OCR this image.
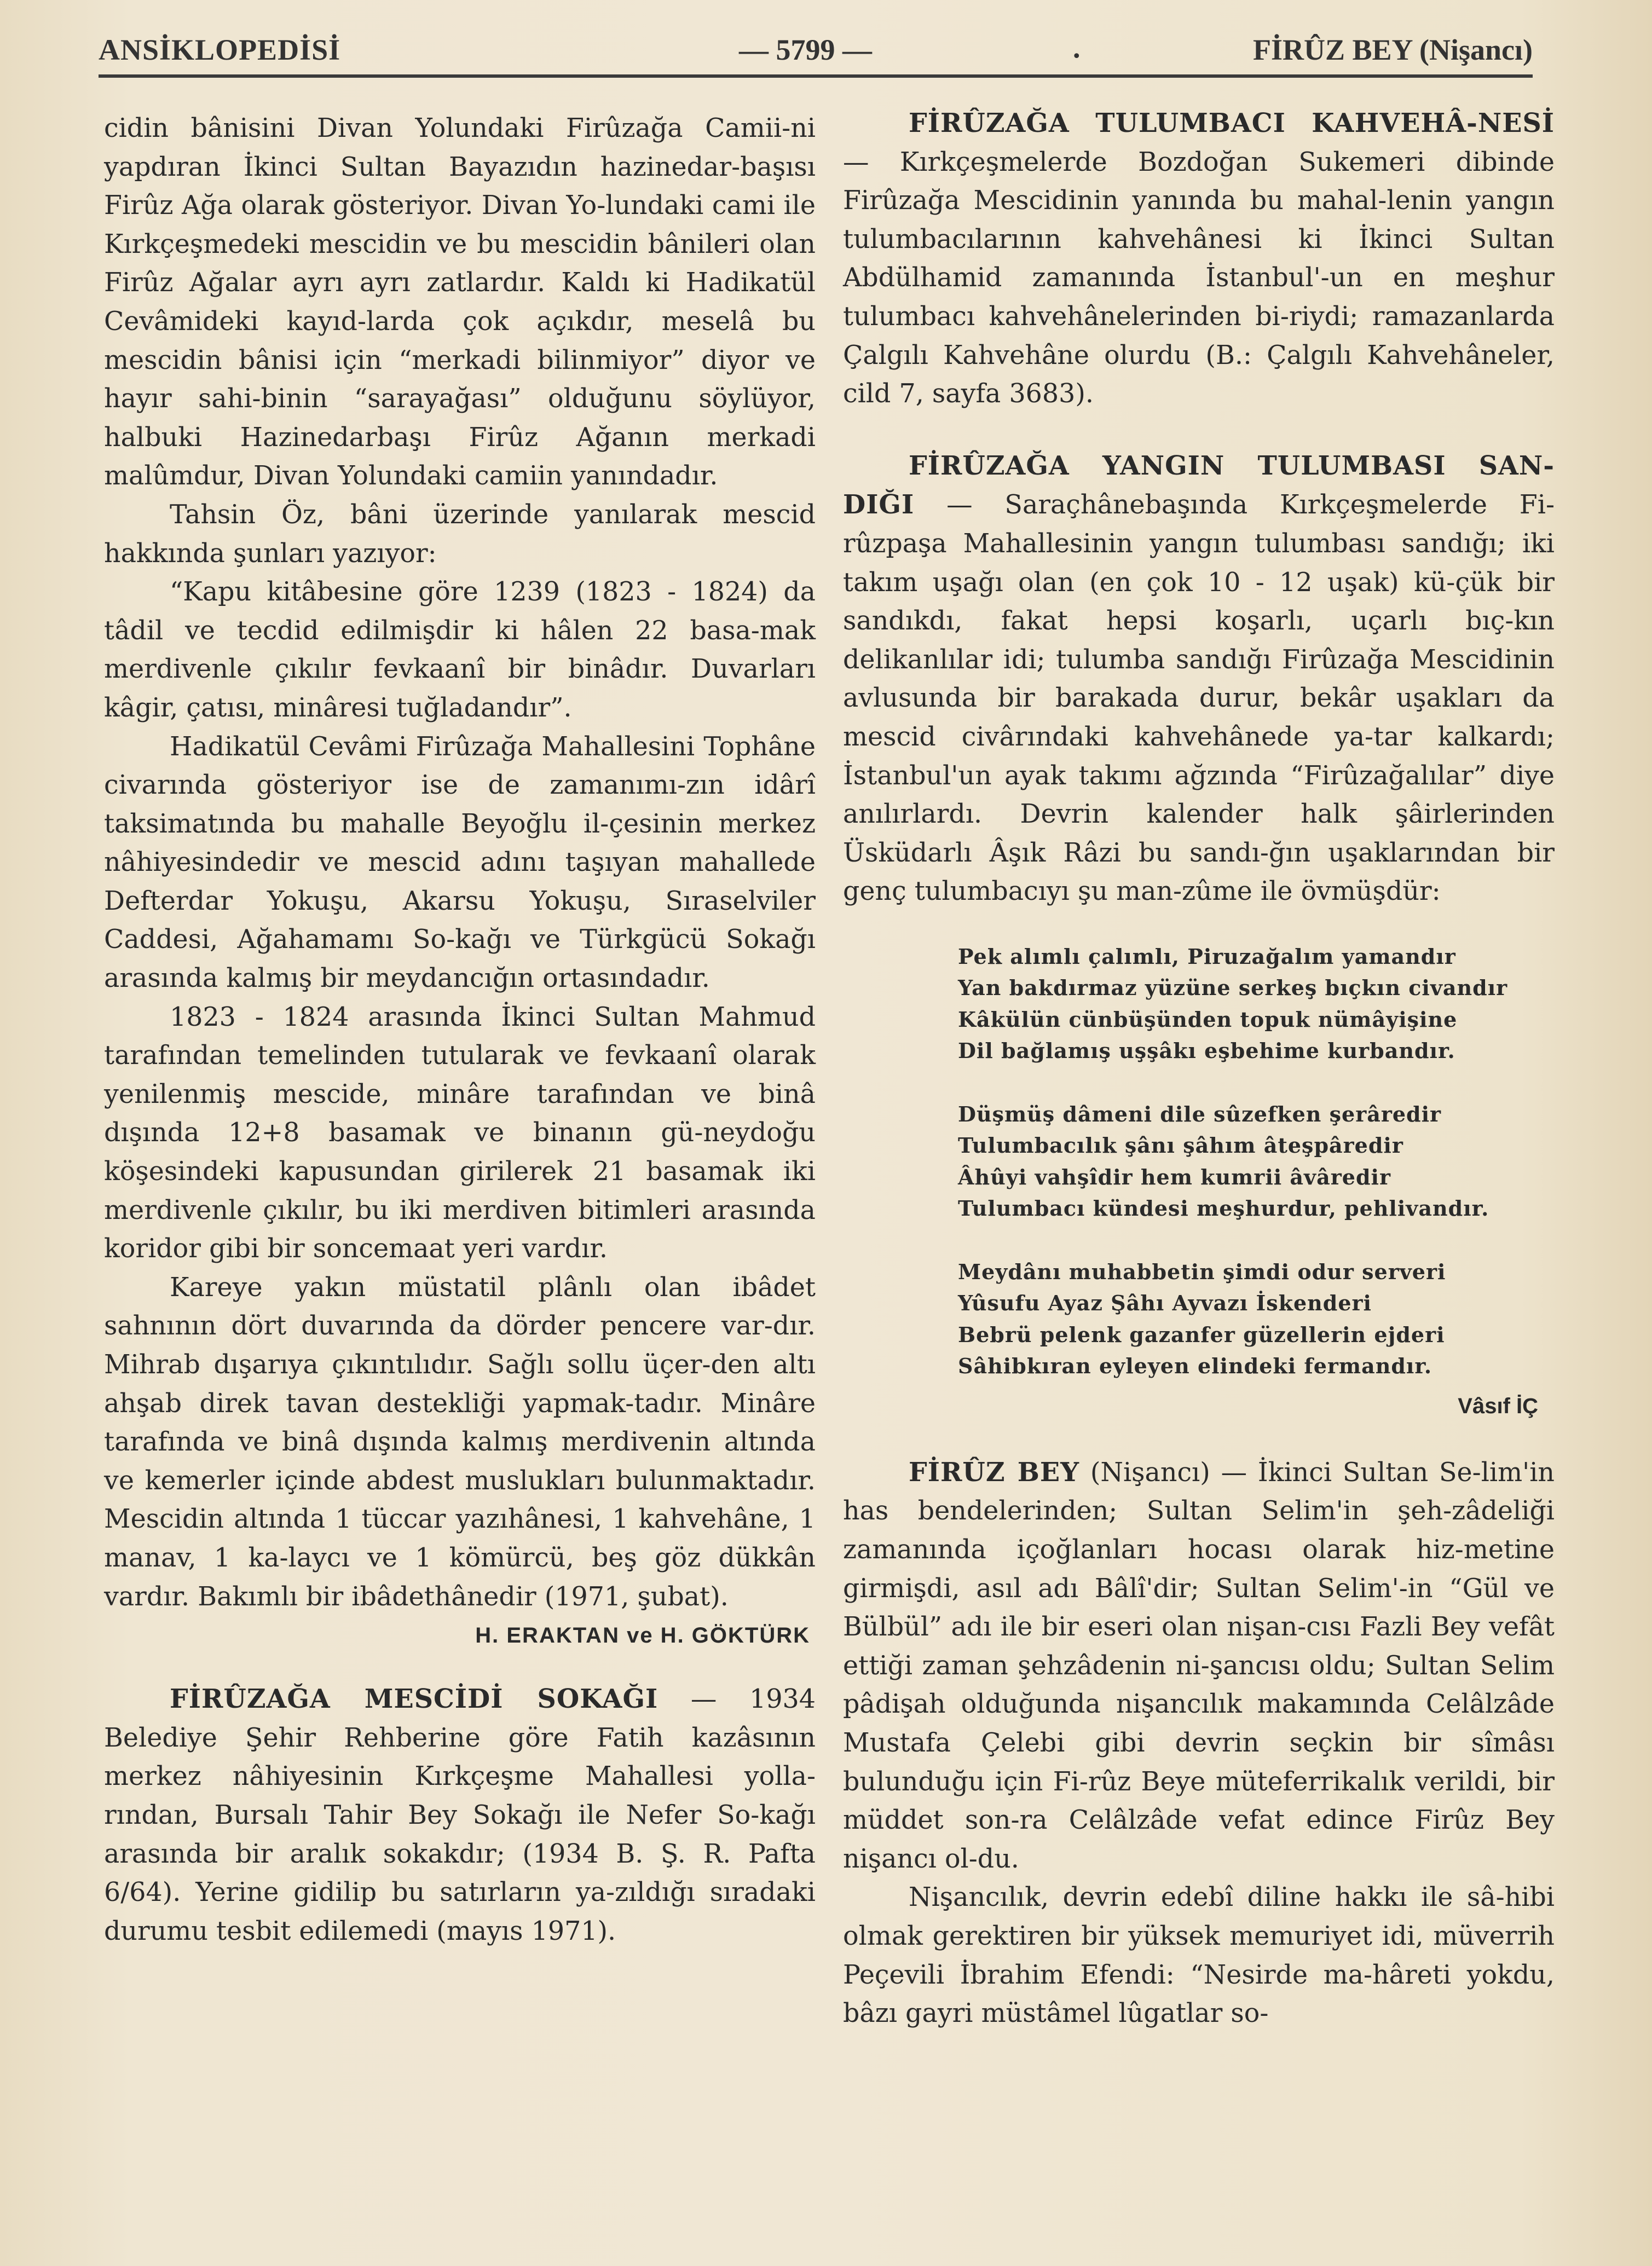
ANSİKLOPEDİSİ	— 5799 —	.	FİRÛZ BEY (Nişancı)

cidin bânisini Divan Yolundaki Firûzağa Camii-ni yapdıran İkinci Sultan Bayazıdın hazinedar-başısı Firûz Ağa olarak gösteriyor. Divan Yo-lundaki cami ile Kırkçeşmedeki mescidin ve bu mescidin bânileri olan Firûz Ağalar ayrı ayrı zatlardır. Kaldı ki Hadikatül Cevâmideki kayıd-larda çok açıkdır, meselâ bu mescidin bânisi için “merkadi bilinmiyor” diyor ve hayır sahi-binin “sarayağası” olduğunu söylüyor, halbuki Hazinedarbaşı Firûz Ağanın merkadi malûmdur, Divan Yolundaki camiin yanındadır.

Tahsin Öz, bâni üzerinde yanılarak mescid hakkında şunları yazıyor:

“Kapu kitâbesine göre 1239 (1823 - 1824) da tâdil ve tecdid edilmişdir ki hâlen 22 basa-mak merdivenle çıkılır fevkaanî bir binâdır. Duvarları kâgir, çatısı, minâresi tuğladandır”.

Hadikatül Cevâmi Firûzağa Mahallesini Tophâne civarında gösteriyor ise de zamanımı-zın idârî taksimatında bu mahalle Beyoğlu il-çesinin merkez nâhiyesindedir ve mescid adını taşıyan mahallede Defterdar Yokuşu, Akarsu Yokuşu, Sıraselviler Caddesi, Ağahamamı So-kağı ve Türkgücü Sokağı arasında kalmış bir meydancığın ortasındadır.

1823 - 1824 arasında İkinci Sultan Mahmud tarafından temelinden tutularak ve fevkaanî olarak yenilenmiş mescide, minâre tarafından ve binâ dışında 12+8 basamak ve binanın gü-neydoğu köşesindeki kapusundan girilerek 21 basamak iki merdivenle çıkılır, bu iki merdiven bitimleri arasında koridor gibi bir soncemaat yeri vardır.

Kareye yakın müstatil plânlı olan ibâdet sahnının dört duvarında da dörder pencere var-dır. Mihrab dışarıya çıkıntılıdır. Sağlı sollu üçer-den altı ahşab direk tavan destekliği yapmak-tadır. Minâre tarafında ve binâ dışında kalmış merdivenin altında ve kemerler içinde abdest muslukları bulunmaktadır. Mescidin altında 1 tüccar yazıhânesi, 1 kahvehâne, 1 manav, 1 ka-laycı ve 1 kömürcü, beş göz dükkân vardır. Bakımlı bir ibâdethânedir (1971, şubat).

H. ERAKTAN ve H. GÖKTÜRK

FİRÛZAĞA MESCİDİ SOKAĞI — 1934 Belediye Şehir Rehberine göre Fatih kazâsının merkez nâhiyesinin Kırkçeşme Mahallesi yolla-rından, Bursalı Tahir Bey Sokağı ile Nefer So-kağı arasında bir aralık sokakdır; (1934 B. Ş. R. Pafta 6/64). Yerine gidilip bu satırların ya-zıldığı sıradaki durumu tesbit edilemedi (mayıs 1971).

FİRÛZAĞA TULUMBACI KAHVEHÂ-NESİ — Kırkçeşmelerde Bozdoğan Sukemeri dibinde Firûzağa Mescidinin yanında bu mahal-lenin yangın tulumbacılarının kahvehânesi ki İkinci Sultan Abdülhamid zamanında İstanbul'-un en meşhur tulumbacı kahvehânelerinden bi-riydi; ramazanlarda Çalgılı Kahvehâne olurdu (B.: Çalgılı Kahvehâneler, cild 7, sayfa 3683).

FİRÛZAĞA YANGIN TULUMBASI SAN-DIĞI — Saraçhânebaşında Kırkçeşmelerde Fi-rûzpaşa Mahallesinin yangın tulumbası sandığı; iki takım uşağı olan (en çok 10 - 12 uşak) kü-çük bir sandıkdı, fakat hepsi koşarlı, uçarlı bıç-kın delikanlılar idi; tulumba sandığı Firûzağa Mescidinin avlusunda bir barakada durur, bekâr uşakları da mescid civârındaki kahvehânede ya-tar kalkardı; İstanbul'un ayak takımı ağzında “Firûzağalılar” diye anılırlardı. Devrin kalender halk şâirlerinden Üsküdarlı Âşık Râzi bu sandı-ğın uşaklarından bir genç tulumbacıyı şu man-zûme ile övmüşdür:

Pek alımlı çalımlı, Piruzağalım yamandır
Yan bakdırmaz yüzüne serkeş bıçkın civandır
Kâkülün cünbüşünden topuk nümâyişine
Dil bağlamış uşşâkı eşbehime kurbandır.
Düşmüş dâmeni dile sûzefken şerâredir
Tulumbacılık şânı şâhım âteşpâredir
Âhûyi vahşîdir hem kumrii âvâredir
Tulumbacı kündesi meşhurdur, pehlivandır.
Meydânı muhabbetin şimdi odur serveri
Yûsufu Ayaz Şâhı Ayvazı İskenderi
Bebrü pelenk gazanfer güzellerin ejderi
Sâhibkıran eyleyen elindeki fermandır.
Vâsıf İÇ

FİRÛZ BEY (Nişancı) — İkinci Sultan Se-lim'in has bendelerinden; Sultan Selim'in şeh-zâdeliği zamanında içoğlanları hocası olarak hiz-metine girmişdi, asıl adı Bâlî'dir; Sultan Selim'-in “Gül ve Bülbül” adı ile bir eseri olan nişan-cısı Fazli Bey vefât ettiği zaman şehzâdenin ni-şancısı oldu; Sultan Selim pâdişah olduğunda nişancılık makamında Celâlzâde Mustafa Çelebi gibi devrin seçkin bir sîmâsı bulunduğu için Fi-rûz Beye müteferrikalık verildi, bir müddet son-ra Celâlzâde vefat edince Firûz Bey nişancı ol-du.

Nişancılık, devrin edebî diline hakkı ile sâ-hibi olmak gerektiren bir yüksek memuriyet idi, müverrih Peçevili İbrahim Efendi: “Nesirde ma-hâreti yokdu, bâzı gayri müstâmel lûgatlar so-
